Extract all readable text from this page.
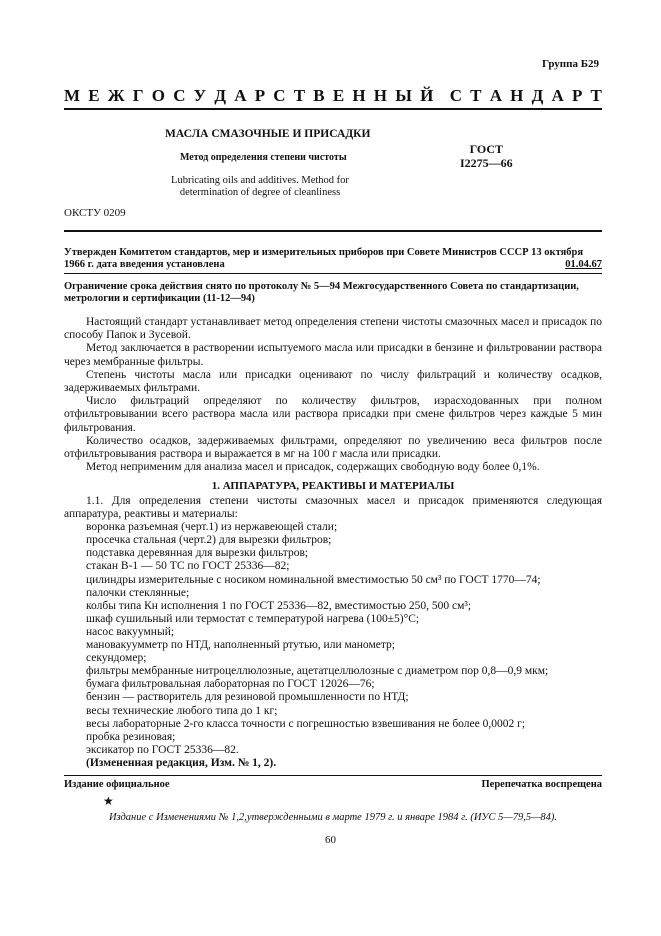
Группа Б29
М Е Ж Г О С У Д А Р С Т В Е Н Н Ы Й С Т А Н Д А Р Т
МАСЛА СМАЗОЧНЫЕ И ПРИСАДКИ
Метод определения степени чистоты
ГОСТ
I2275—66
Lubricating oils and additives. Method for determination of degree of cleanliness
ОКСТУ 0209
Утвержден Комитетом стандартов, мер и измерительных приборов при Совете Министров СССР 13 октября 1966 г. дата введения установлена	01.04.67
Ограничение срока действия снято по протоколу № 5—94 Межгосударственного Совета по стандартизации, метрологии и сертификации (11-12—94)

Настоящий стандарт устанавливает метод определения степени чистоты смазочных масел и присадок по способу Папок и Зусевой.

Метод заключается в растворении испытуемого масла или присадки в бензине и фильтровании раствора через мембранные фильтры.

Степень чистоты масла или присадки оценивают по числу фильтраций и количеству осадков, задерживаемых фильтрами.

Число фильтраций определяют по количеству фильтров, израсходованных при полном отфильтровывании всего раствора масла или раствора присадки при смене фильтров через каждые 5 мин фильтрования.

Количество осадков, задерживаемых фильтрами, определяют по увеличению веса фильтров после отфильтровывания раствора и выражается в мг на 100 г масла или присадки.

Метод неприменим для анализа масел и присадок, содержащих свободную воду более 0,1%.

1. АППАРАТУРА, РЕАКТИВЫ И МАТЕРИАЛЫ

1.1. Для определения степени чистоты смазочных масел и присадок применяются следующая аппаратура, реактивы и материалы:

воронка разъемная (черт.1) из нержавеющей стали;
просечка стальная (черт.2) для вырезки фильтров;
подставка деревянная для вырезки фильтров;
стакан В-1 — 50 ТС по ГОСТ 25336—82;
цилиндры измерительные с носиком номинальной вместимостью 50 см³ по ГОСТ 1770—74;
палочки стеклянные;
колбы типа Кн исполнения 1 по ГОСТ 25336—82, вместимостью 250, 500 см³;
шкаф сушильный или термостат с температурой нагрева (100±5)°С;
насос вакуумный;
мановакуумметр по НТД, наполненный ртутью, или манометр;
секундомер;
фильтры мембранные нитроцеллюлозные, ацетатцеллюлозные с диаметром пор 0,8—0,9 мкм;
бумага фильтровальная лабораторная по ГОСТ 12026—76;
бензин — растворитель для резиновой промышленности по НТД;
весы технические любого типа до 1 кг;
весы лабораторные 2-го класса точности с погрешностью взвешивания не более 0,0002 г;
пробка резиновая;
эксикатор по ГОСТ 25336—82.
(Измененная редакция, Изм. № 1, 2).
Издание официальное	Перепечатка воспрещена
★
Издание с Изменениями № 1,2,утвержденными в марте 1979 г. и январе 1984 г. (ИУС 5—79,5—84).
60
